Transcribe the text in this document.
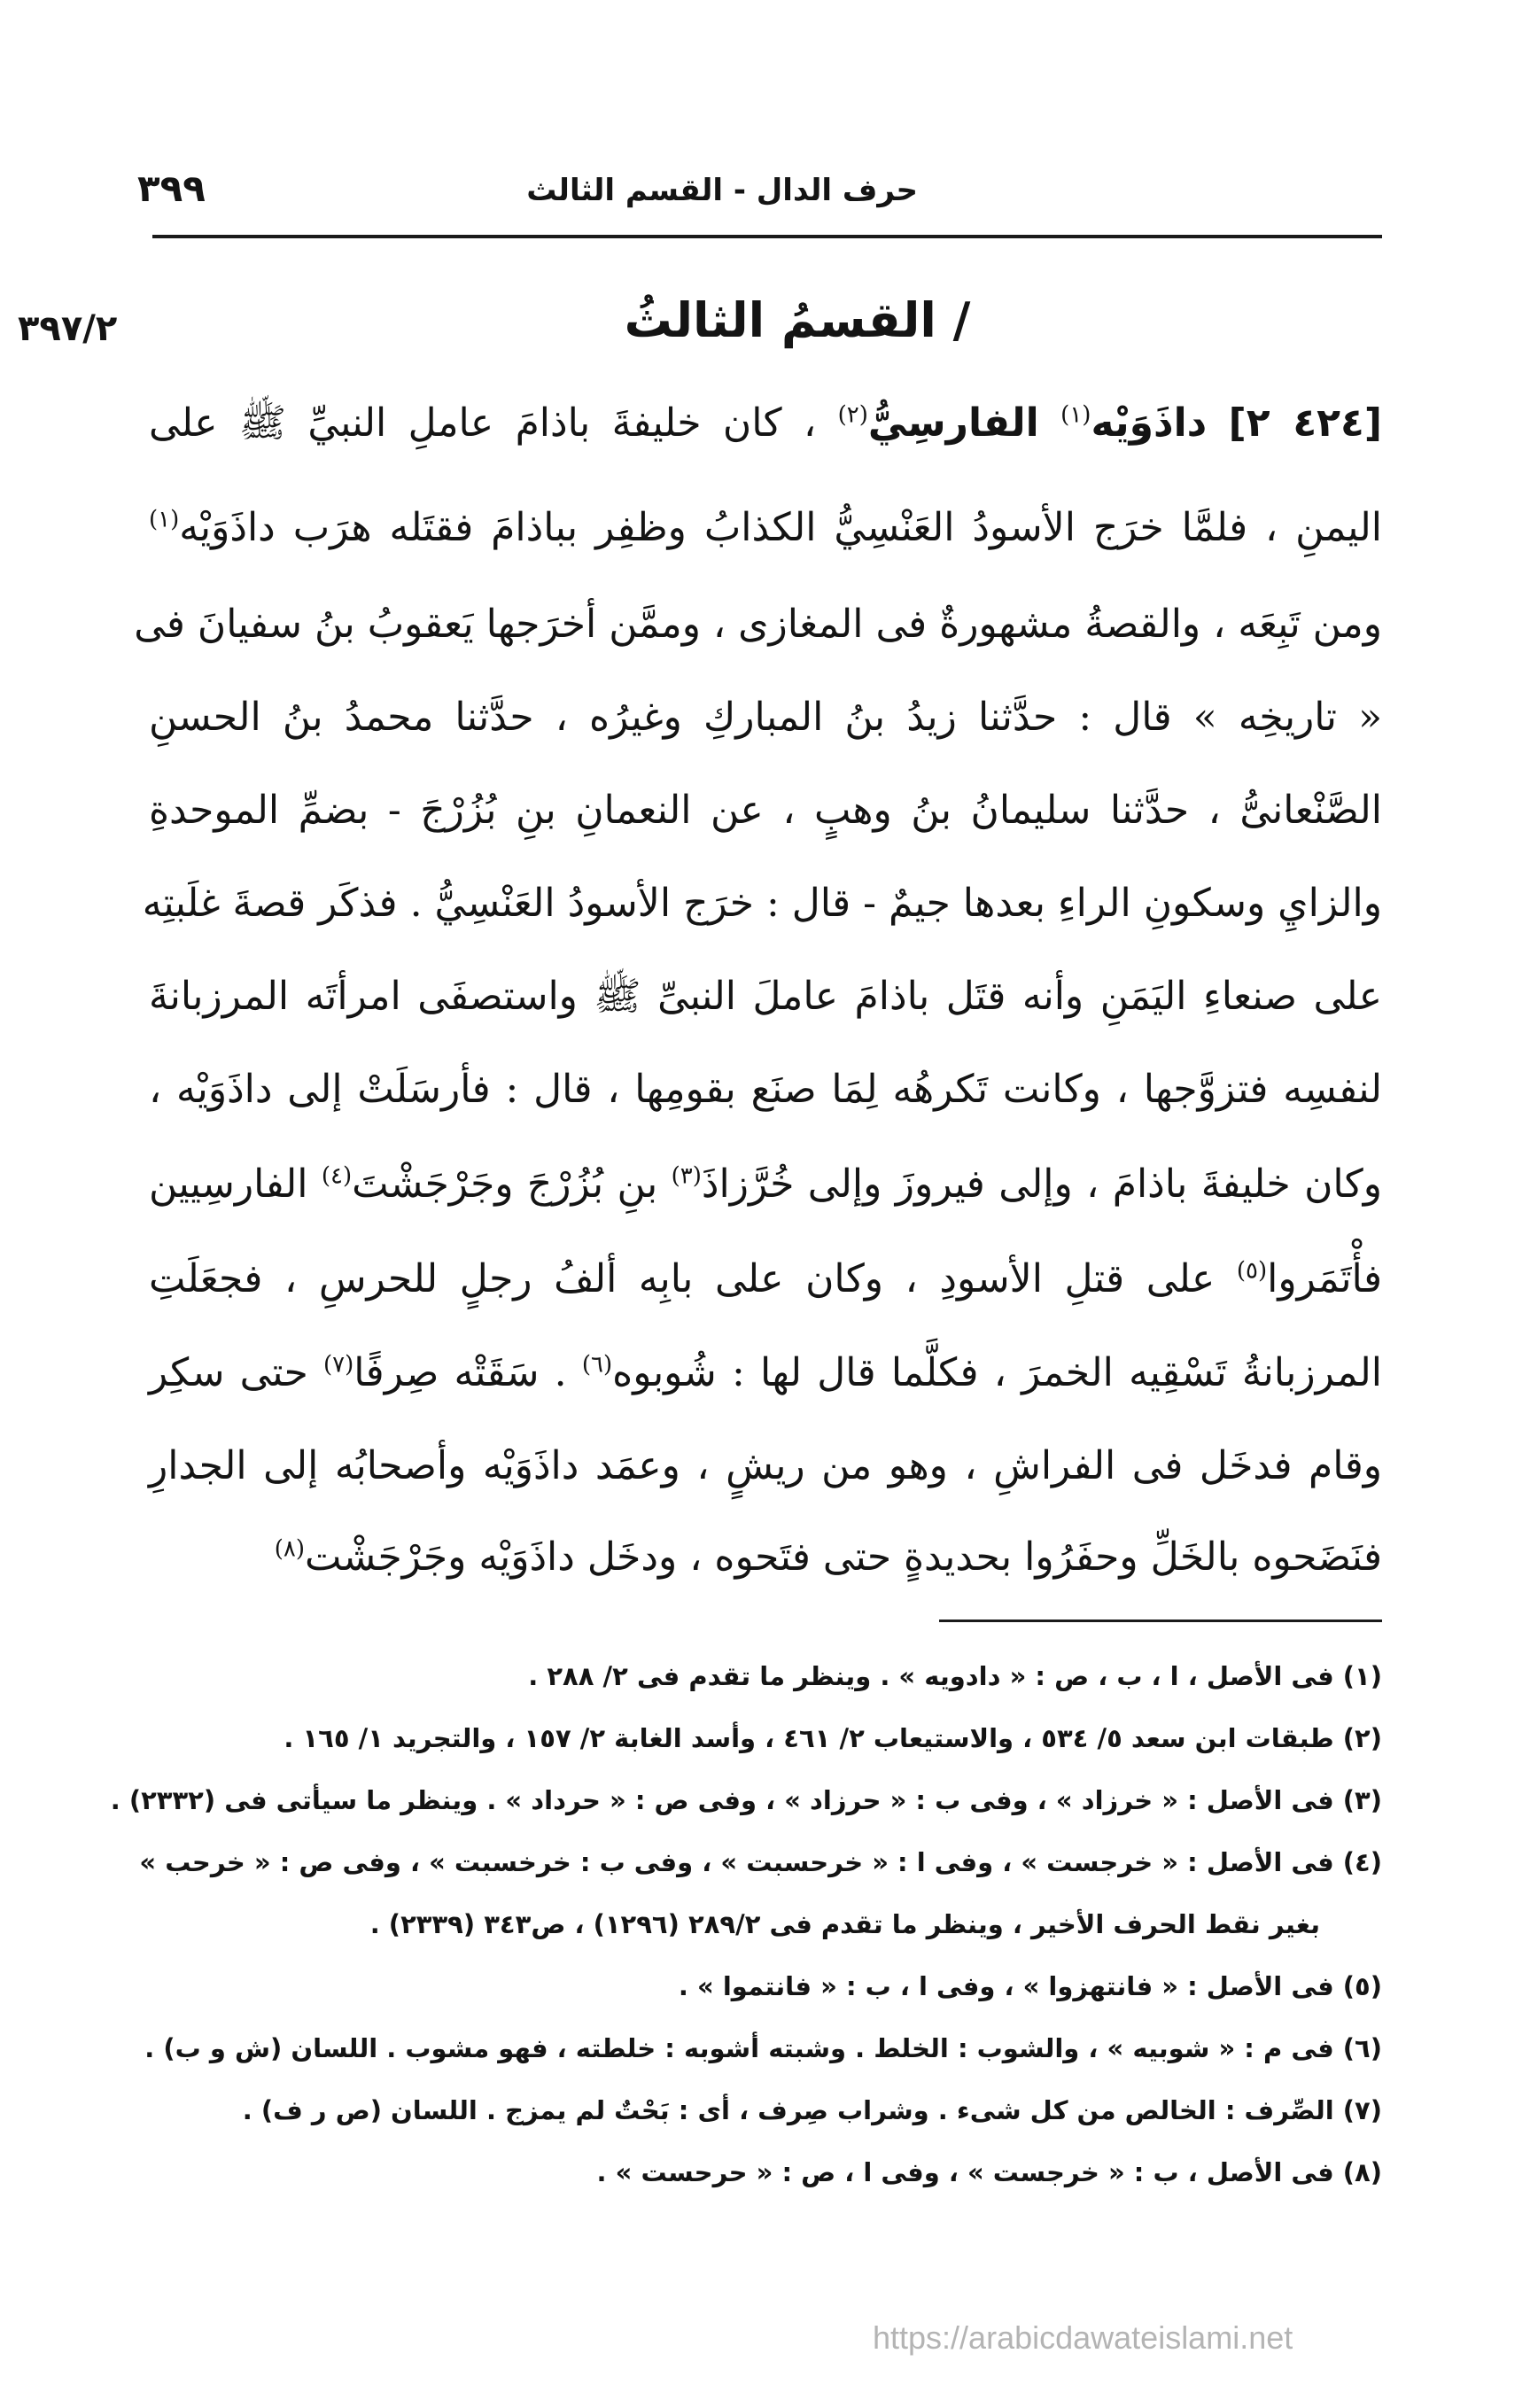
حرف الدال - القسم الثالث
٣٩٩
٣٩٧/٢	/ القسمُ الثالثُ
[٤٢٤ ٢] داذَوَيْه$^{(١)}$ الفارسِيُّ$^{(٢)}$ ، كان خليفةَ باذامَ عاملِ النبيِّ ﷺ على
اليمنِ ، فلمَّا خرَج الأسودُ العَنْسِيُّ الكذابُ وظفِر بباذامَ فقتَله هرَب داذَوَيْه$^{(١)}$
ومن تَبِعَه ، والقصةُ مشهورةٌ فى المغازى ، وممَّن أخرَجها يَعقوبُ بنُ سفيانَ فى
« تاريخِه » قال : حدَّثنا زيدُ بنُ المباركِ وغيرُه ، حدَّثنا محمدُ بنُ الحسنِ
الصَّنْعانىُّ ، حدَّثنا سليمانُ بنُ وهبٍ ، عن النعمانِ بنِ بُزُرْجَ - بضمِّ الموحدةِ
والزايِ وسكونِ الراءِ بعدها جيمٌ - قال : خرَج الأسودُ العَنْسِيُّ . فذكَر قصةَ غلَبتِه
على صنعاءِ اليَمَنِ وأنه قتَل باذامَ عاملَ النبىِّ ﷺ واستصفَى امرأتَه المرزبانةَ
لنفسِه فتزوَّجها ، وكانت تَكرهُه لِمَا صنَع بقومِها ، قال : فأرسَلَتْ إلى داذَوَيْه ،
وكان خليفةَ باذامَ ، وإلى فيروزَ وإلى خُرَّزاذَ$^{(٣)}$ بنِ بُزُرْجَ وجَرْجَشْتَ$^{(٤)}$ الفارسِيين
فأْتَمَروا$^{(٥)}$ على قتلِ الأسودِ ، وكان على بابِه ألفُ رجلٍ للحرسِ ، فجعَلَتِ
المرزبانةُ تَسْقِيه الخمرَ ، فكلَّما قال لها : شُوبوه$^{(٦)}$ . سَقَتْه صِرفًا$^{(٧)}$ حتى سكِر
وقام فدخَل فى الفراشِ ، وهو من ريشٍ ، وعمَد داذَوَيْه وأصحابُه إلى الجدارِ
فنَضَحوه بالخَلِّ وحفَرُوا بحديدةٍ حتى فتَحوه ، ودخَل داذَوَيْه وجَرْجَشْت$^{(٨)}$
(١) فى الأصل ، ا ، ب ، ص : « دادويه » . وينظر ما تقدم فى ٢/ ٢٨٨ .
(٢) طبقات ابن سعد ٥/ ٥٣٤ ، والاستيعاب ٢/ ٤٦١ ، وأسد الغابة ٢/ ١٥٧ ، والتجريد ١/ ١٦٥ .
(٣) فى الأصل : « خرزاد » ، وفى ب : « حرزاد » ، وفى ص : « حرداد » . وينظر ما سيأتى فى (٢٣٣٢) .
(٤) فى الأصل : « خرجست » ، وفى ا : « خرحسبت » ، وفى ب : خرخسبت » ، وفى ص : « خرحب »
بغير نقط الحرف الأخير ، وينظر ما تقدم فى ٢٨٩/٢ (١٢٩٦) ، ص٣٤٣ (٢٣٣٩) .
(٥) فى الأصل : « فانتهزوا » ، وفى ا ، ب : « فانتموا » .
(٦) فى م : « شوبيه » ، والشوب : الخلط . وشبته أشوبه : خلطته ، فهو مشوب . اللسان (ش و ب) .
(٧) الصِّرف : الخالص من كل شىء . وشراب صِرف ، أى : بَحْتٌ لم يمزج . اللسان (ص ر ف) .
(٨) فى الأصل ، ب : « خرجست » ، وفى ا ، ص : « حرحست » .
https://arabicdawateislami.net
